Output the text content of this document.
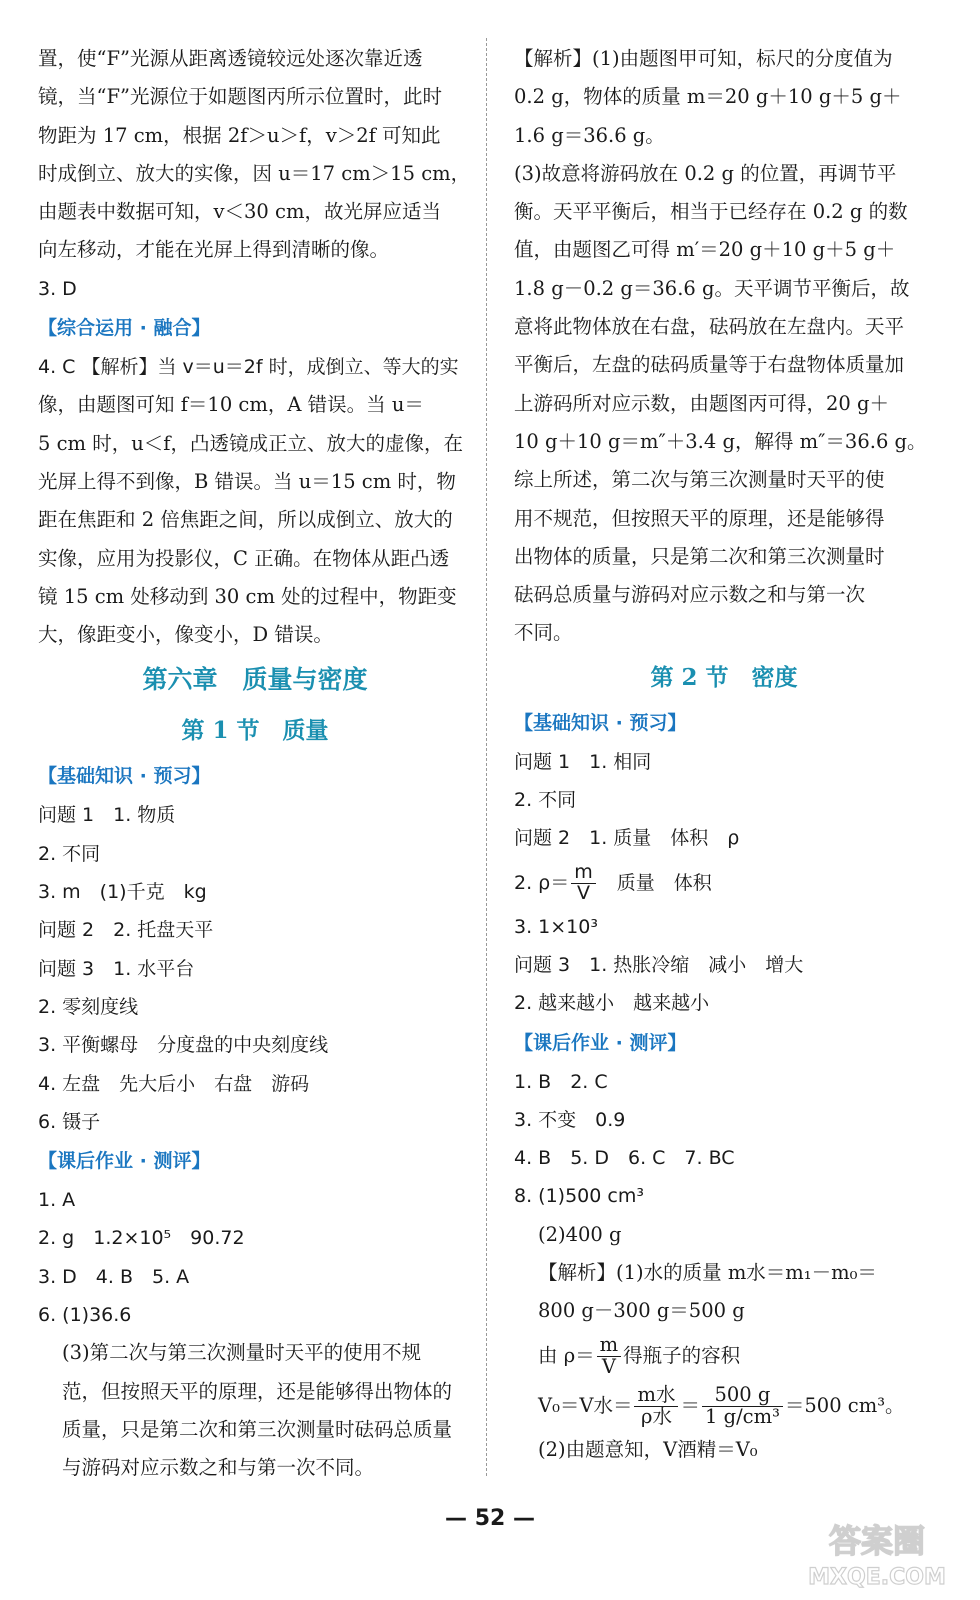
置，使“F”光源从距离透镜较远处逐次靠近透
镜，当“F”光源位于如题图丙所示位置时，此时
物距为 17 cm，根据 2f＞u＞f，v＞2f 可知此
时成倒立、放大的实像，因 u＝17 cm＞15 cm，
由题表中数据可知，v＜30 cm，故光屏应适当
向左移动，才能在光屏上得到清晰的像。
3. D
【综合运用 · 融合】
4. C 【解析】当 v＝u＝2f 时，成倒立、等大的实
像，由题图可知 f＝10 cm，A 错误。当 u＝
5 cm 时，u＜f，凸透镜成正立、放大的虚像，在
光屏上得不到像，B 错误。当 u＝15 cm 时，物
距在焦距和 2 倍焦距之间，所以成倒立、放大的
实像，应用为投影仪，C 正确。在物体从距凸透
镜 15 cm 处移动到 30 cm 处的过程中，物距变
大，像距变小，像变小，D 错误。
第六章　质量与密度
第 1 节　质量
【基础知识 · 预习】
问题 1　1. 物质
2. 不同
3. m　(1)千克　kg
问题 2　2. 托盘天平
问题 3　1. 水平台
2. 零刻度线
3. 平衡螺母　分度盘的中央刻度线
4. 左盘　先大后小　右盘　游码
6. 镊子
【课后作业 · 测评】
1. A
2. g　1.2×10⁵　90.72
3. D　4. B　5. A
6. (1)36.6
(3)第二次与第三次测量时天平的使用不规
范，但按照天平的原理，还是能够得出物体的
质量，只是第二次和第三次测量时砝码总质量
与游码对应示数之和与第一次不同。
【解析】(1)由题图甲可知，标尺的分度值为
0.2 g，物体的质量 m＝20 g＋10 g＋5 g＋
1.6 g＝36.6 g。
(3)故意将游码放在 0.2 g 的位置，再调节平
衡。天平平衡后，相当于已经存在 0.2 g 的数
值，由题图乙可得 m′＝20 g＋10 g＋5 g＋
1.8 g－0.2 g＝36.6 g。天平调节平衡后，故
意将此物体放在右盘，砝码放在左盘内。天平
平衡后，左盘的砝码质量等于右盘物体质量加
上游码所对应示数，由题图丙可得，20 g＋
10 g＋10 g＝m″＋3.4 g，解得 m″＝36.6 g。
综上所述，第二次与第三次测量时天平的使
用不规范，但按照天平的原理，还是能够得
出物体的质量，只是第二次和第三次测量时
砝码总质量与游码对应示数之和与第一次
不同。
第 2 节　密度
【基础知识 · 预习】
问题 1　1. 相同
2. 不同
问题 2　1. 质量　体积　ρ
2. $\rho= \frac{m}{V}$ 　质量　体积
3. 1×10³
问题 3　1. 热胀冷缩　减小　增大
2. 越来越小　越来越小
【课后作业 · 测评】
1. B　2. C
3. 不变　0.9
4. B　5. D　6. C　7. BC
8. (1)500 cm³
(2)400 g
【解析】(1)水的质量 m水＝m₁－m₀＝
800 g－300 g＝500 g
由 $\rho= \frac{m}{V}$ 得瓶子的容积
V₀＝V水＝ $\frac{\text{m水}}{\text{ρ水}} = \frac{500 g}{\text{1 g/cm³}} =500$ cm³。
(2)由题意知，V酒精＝V₀
— 52 —
答案圈
MXQE.COM
